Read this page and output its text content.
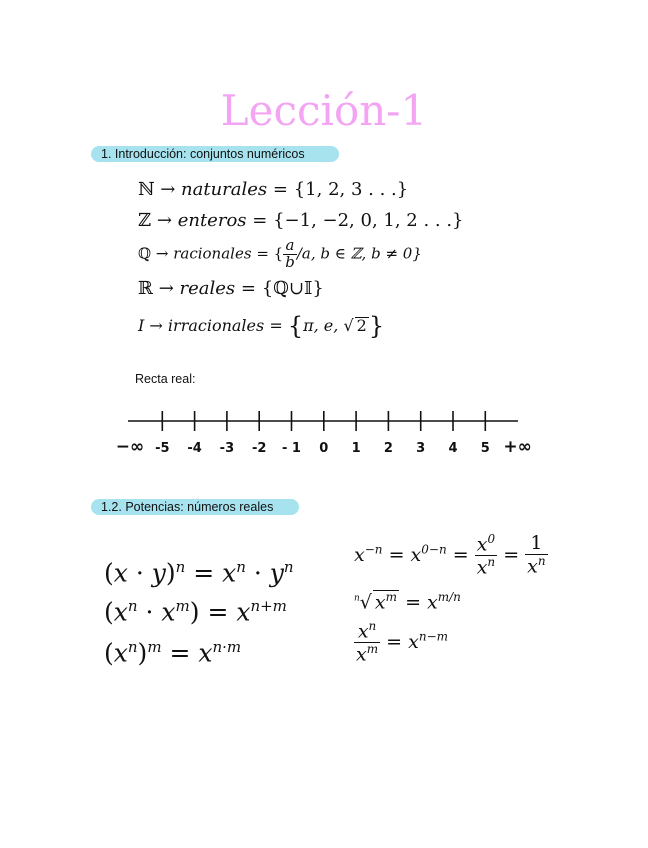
Lección-1
1. Introducción: conjuntos numéricos
ℕ → naturales = {1, 2, 3 . . .}
ℤ → enteros = {−1, −2, 0, 1, 2 . . .}
ℚ → racionales = { $\frac{a}{b} /a$, b ∈ ℤ, b ≠ 0}
ℝ → reales = {ℚ∪𝕀}
I → irracionales = {π, e, √ 2}
Recta real:
−∞ -5 -4 -3 -2 - 1 0 1 2 3 4 5 +∞
1.2. Potencias: números reales
$(x \cdot y)^n = x^n \cdot y^n$
$(x^n \cdot x^m) = x^{n+m}$
$(x^n)^m = x^{n\cdot m}$
$x^{-n} = x^{0-n} = \frac{x^0}{x^n} = \frac{1}{x^n}$
$^n$√ $x^m = x^{m/n}$
$\frac{x^n}{x^m} = x^{n-m}$
